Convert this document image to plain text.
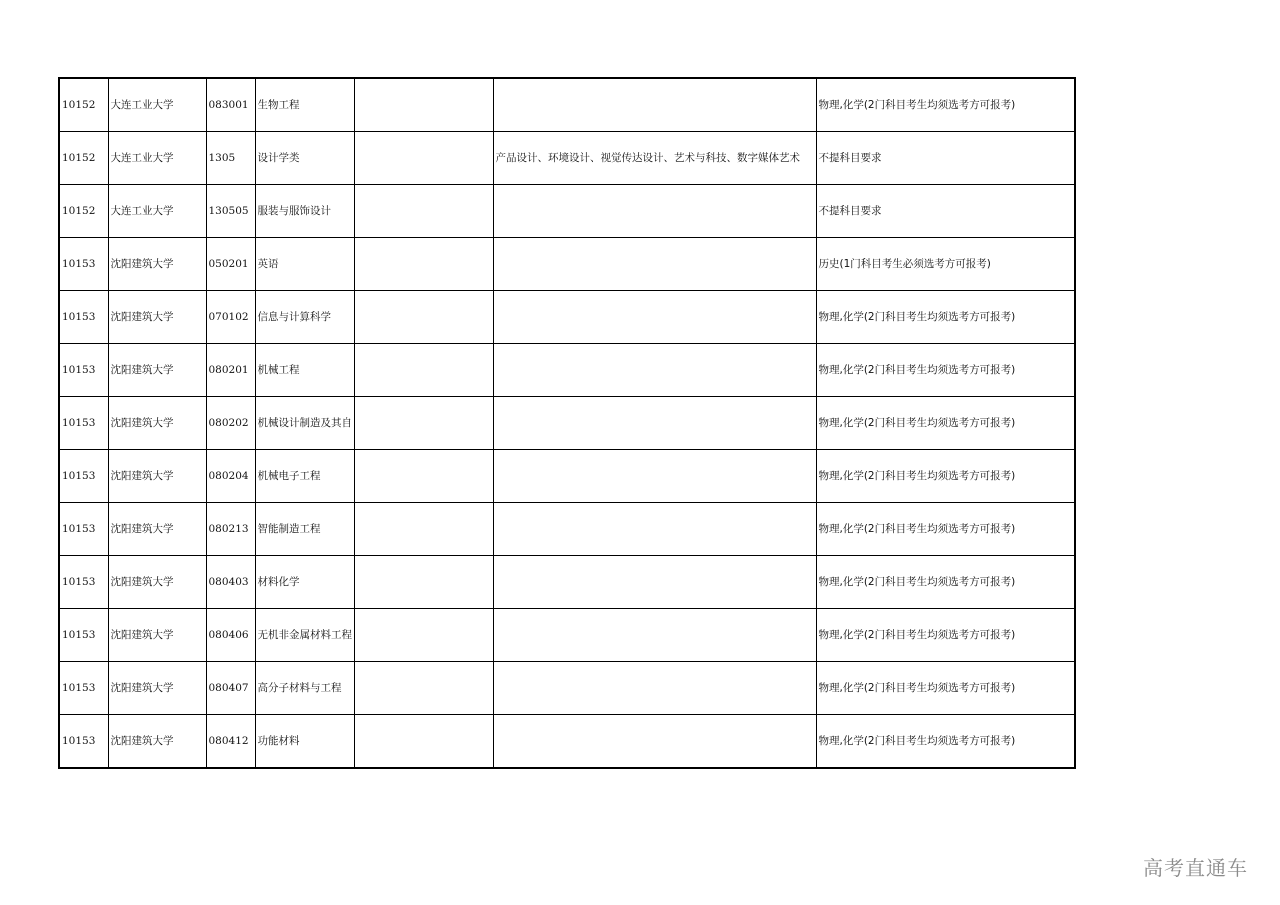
10152	大连工业大学	083001	生物工程			物理,化学(2门科目考生均须选考方可报考)
10152	大连工业大学	1305	设计学类		产品设计、环境设计、视觉传达设计、艺术与科技、数字媒体艺术	不提科目要求
10152	大连工业大学	130505	服装与服饰设计			不提科目要求
10153	沈阳建筑大学	050201	英语			历史(1门科目考生必须选考方可报考)
10153	沈阳建筑大学	070102	信息与计算科学			物理,化学(2门科目考生均须选考方可报考)
10153	沈阳建筑大学	080201	机械工程			物理,化学(2门科目考生均须选考方可报考)
10153	沈阳建筑大学	080202	机械设计制造及其自			物理,化学(2门科目考生均须选考方可报考)
10153	沈阳建筑大学	080204	机械电子工程			物理,化学(2门科目考生均须选考方可报考)
10153	沈阳建筑大学	080213	智能制造工程			物理,化学(2门科目考生均须选考方可报考)
10153	沈阳建筑大学	080403	材料化学			物理,化学(2门科目考生均须选考方可报考)
10153	沈阳建筑大学	080406	无机非金属材料工程			物理,化学(2门科目考生均须选考方可报考)
10153	沈阳建筑大学	080407	高分子材料与工程			物理,化学(2门科目考生均须选考方可报考)
10153	沈阳建筑大学	080412	功能材料			物理,化学(2门科目考生均须选考方可报考)
高考直通车
